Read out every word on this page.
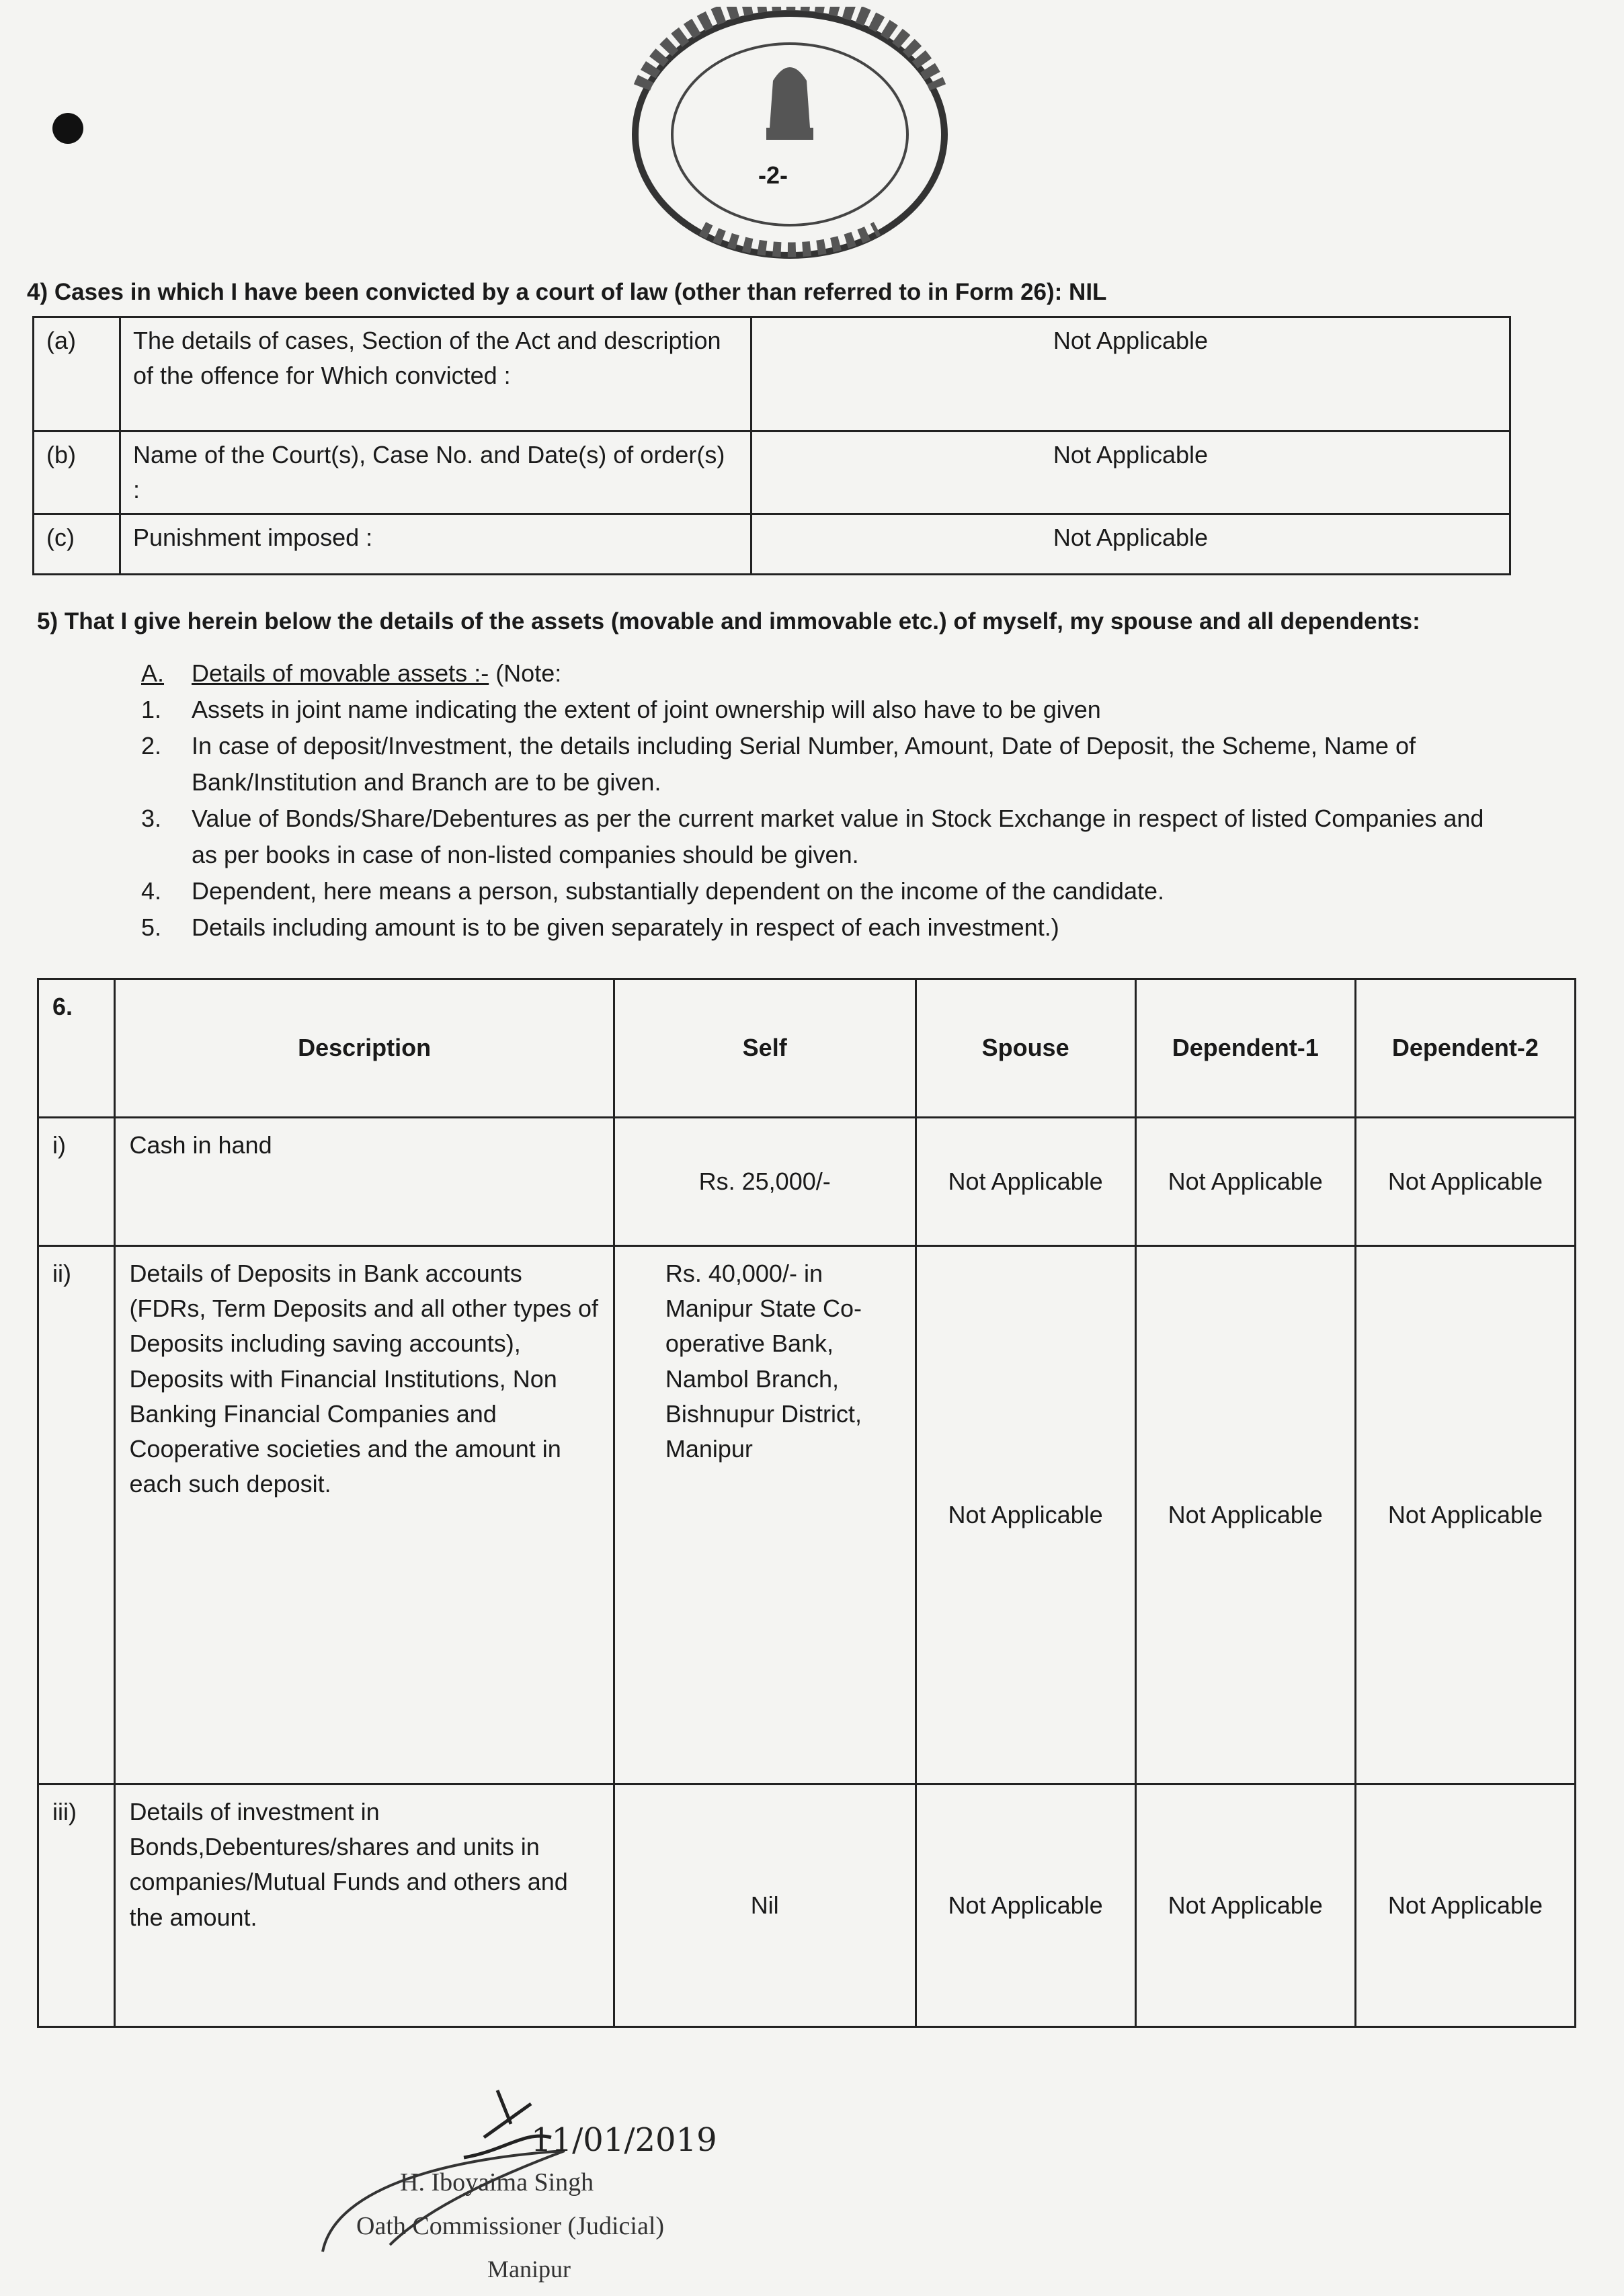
-2-
4) Cases in which I have been convicted by a court of law (other than referred to in Form 26): NIL
(a)	The details of cases, Section of the Act and description of the offence for Which convicted :	Not Applicable
(b)	Name of the Court(s), Case No. and Date(s) of order(s) :	Not Applicable
(c)	Punishment imposed :	Not Applicable
5) That I give herein below the details of the assets (movable and immovable etc.) of myself, my spouse and all dependents:
A.	Details of movable assets :- (Note:
1.	Assets in joint name indicating the extent of joint ownership will also have to be given
2.	In case of deposit/Investment, the details including Serial Number, Amount, Date of Deposit, the Scheme, Name of Bank/Institution and Branch are to be given.
3.	Value of Bonds/Share/Debentures as per the current market value in Stock Exchange in respect of listed Companies and as per books in case of non-listed companies should be given.
4.	Dependent, here means a person, substantially dependent on the income of the candidate.
5.	Details including amount is to be given separately in respect of each investment.)
6.	Description	Self	Spouse	Dependent-1	Dependent-2
i)	Cash in hand	Rs. 25,000/-	Not Applicable	Not Applicable	Not Applicable
ii)	Details of Deposits in Bank accounts (FDRs, Term Deposits and all other types of Deposits including saving accounts), Deposits with Financial Institutions, Non Banking Financial Companies and Cooperative societies and the amount in each such deposit.	Rs. 40,000/- in Manipur State Co-operative Bank, Nambol Branch, Bishnupur District, Manipur	Not Applicable	Not Applicable	Not Applicable
iii)	Details of investment in Bonds,Debentures/shares and units in companies/Mutual Funds and others and the amount.	Nil	Not Applicable	Not Applicable	Not Applicable
11/01/2019
H. Iboyaima Singh
Oath Commissioner (Judicial)
Manipur
